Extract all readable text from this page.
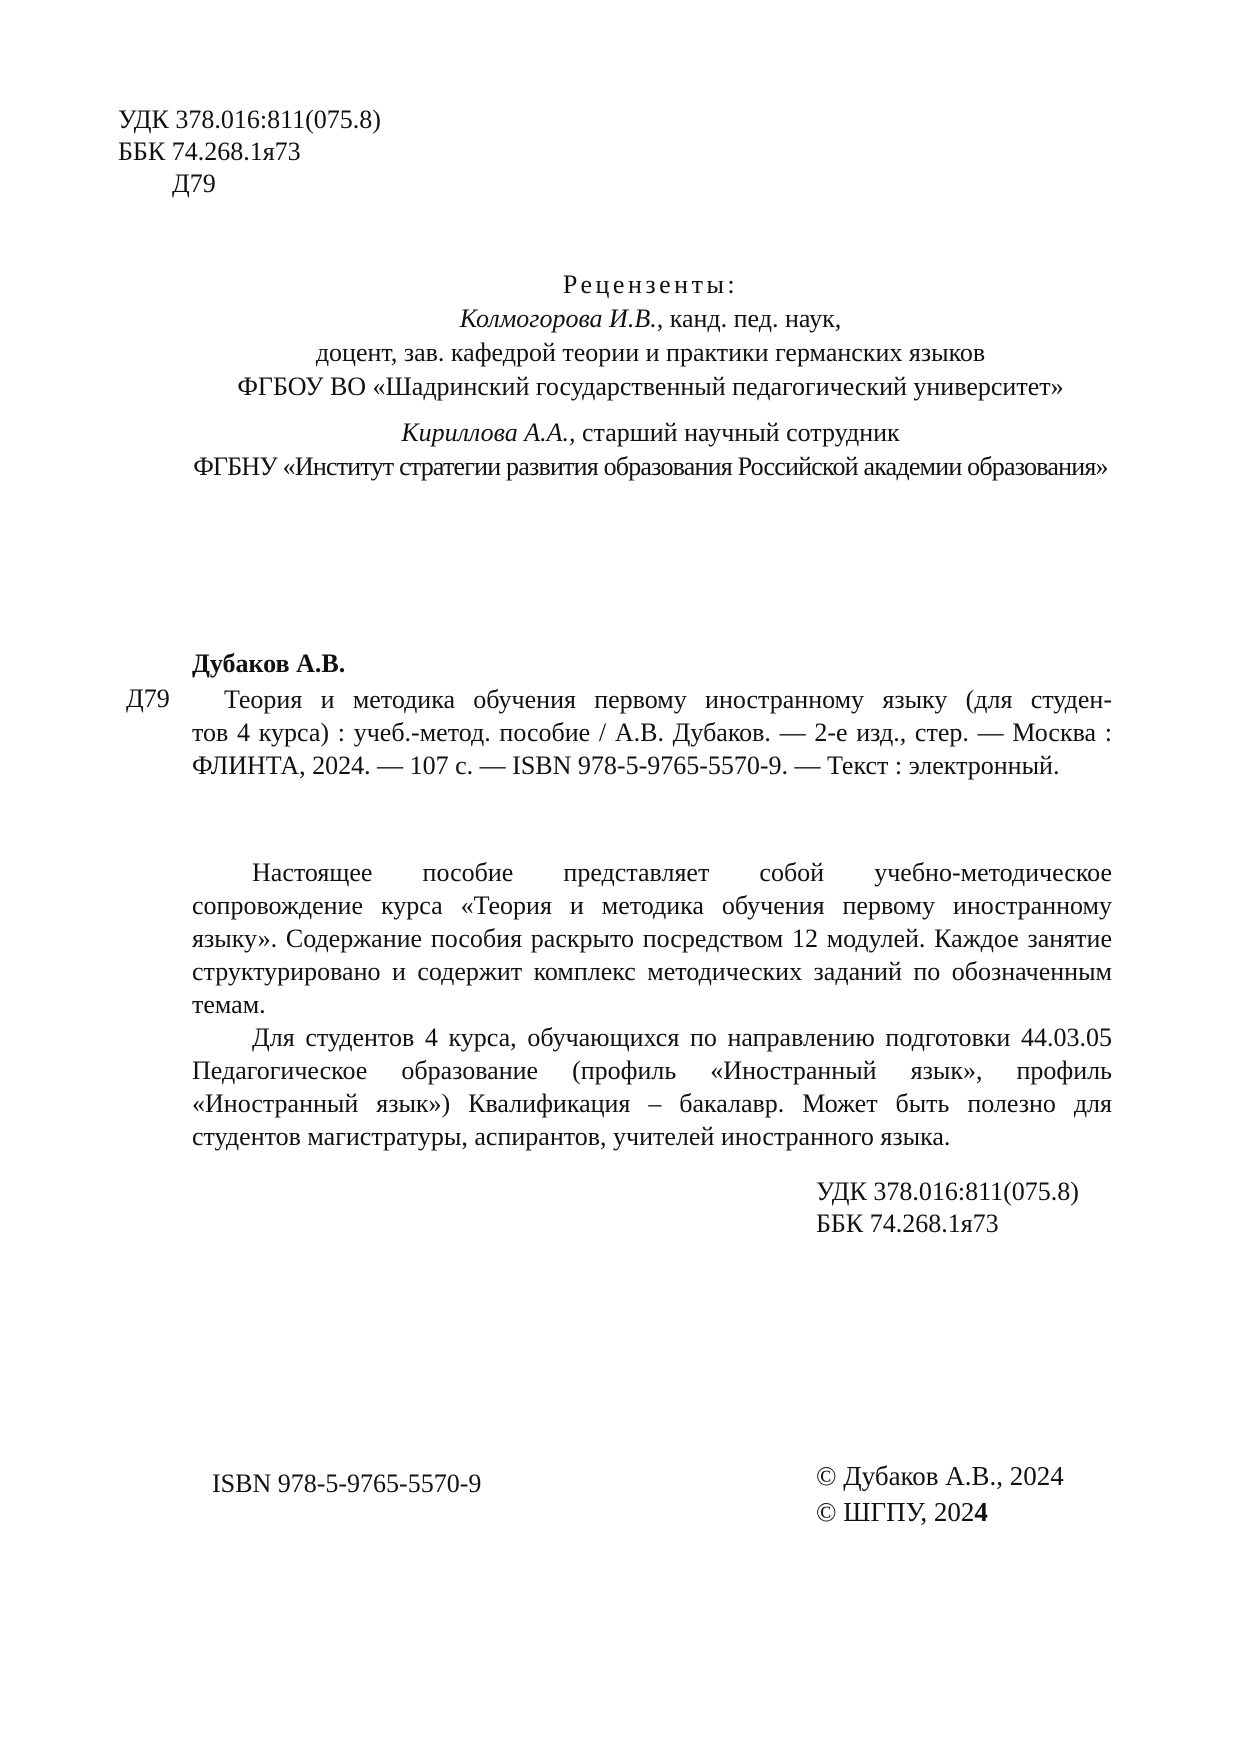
УДК 378.016:811(075.8)
ББК 74.268.1я73
Д79
Рецензенты:
Колмогорова И.В., канд. пед. наук,
доцент, зав. кафедрой теории и практики германских языков
ФГБОУ ВО «Шадринский государственный педагогический университет»
Кириллова А.А., старший научный сотрудник
ФГБНУ «Институт стратегии развития образования Российской академии образования»
Дубаков А.В.
Д79	Теория и методика обучения первому иностранному языку (для студен-

тов 4 курса) : учеб.-метод. пособие / А.В. Дубаков. — 2-е изд., стер. — Москва : ФЛИНТА, 2024. — 107 с. — ISBN 978-5-9765-5570-9. — Текст : электронный.

Настоящее пособие представляет собой учебно-методическое сопровождение курса «Теория и методика обучения первому иностранному языку». Содержание пособия раскрыто посредством 12 модулей. Каждое занятие структурировано и содержит комплекс методических заданий по обозначенным темам.

Для студентов 4 курса, обучающихся по направлению подготовки 44.03.05 Педагогическое образование (профиль «Иностранный язык», профиль «Иностранный язык») Квалификация – бакалавр. Может быть полезно для студентов магистратуры, аспирантов, учителей иностранного языка.

УДК 378.016:811(075.8)
ББК 74.268.1я73
ISBN 978-5-9765-5570-9	© Дубаков А.В., 2024
© ШГПУ, 2024
